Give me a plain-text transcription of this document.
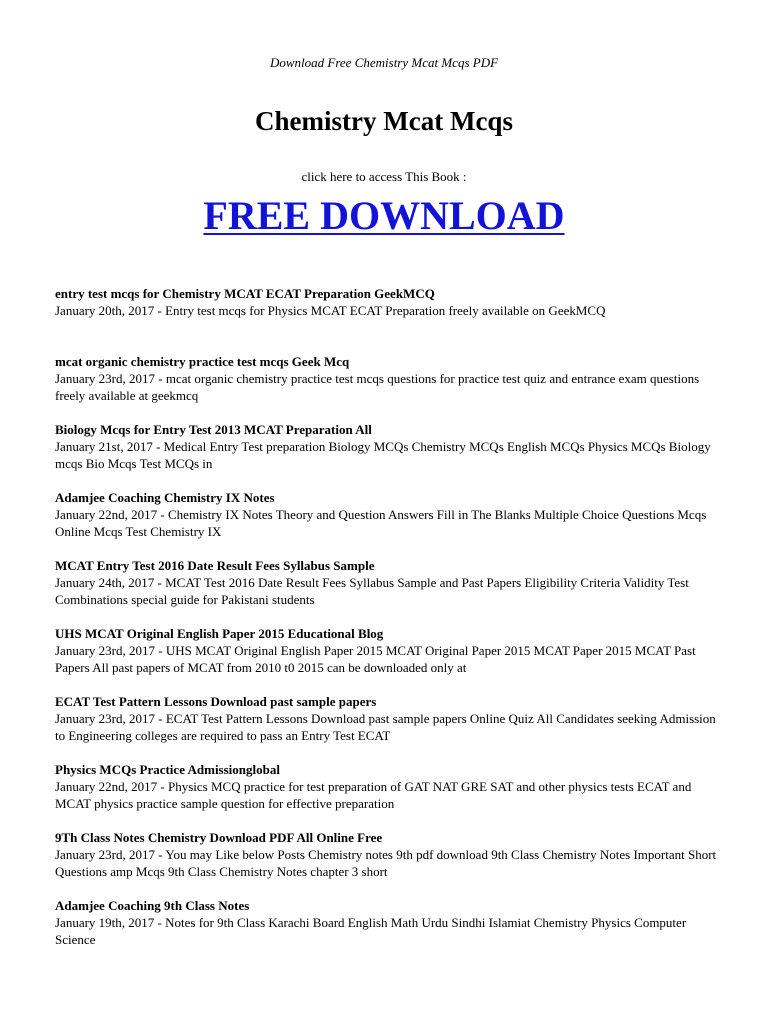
Download Free Chemistry Mcat Mcqs PDF
Chemistry Mcat Mcqs
click here to access This Book :
FREE DOWNLOAD

entry test mcqs for Chemistry MCAT ECAT Preparation GeekMCQ

January 20th, 2017 - Entry test mcqs for Physics MCAT ECAT Preparation freely available on GeekMCQ

mcat organic chemistry practice test mcqs Geek Mcq

January 23rd, 2017 - mcat organic chemistry practice test mcqs questions for practice test quiz and entrance exam questions freely available at geekmcq

Biology Mcqs for Entry Test 2013 MCAT Preparation All

January 21st, 2017 - Medical Entry Test preparation Biology MCQs Chemistry MCQs English MCQs Physics MCQs Biology mcqs Bio Mcqs Test MCQs in

Adamjee Coaching Chemistry IX Notes

January 22nd, 2017 - Chemistry IX Notes Theory and Question Answers Fill in The Blanks Multiple Choice Questions Mcqs Online Mcqs Test Chemistry IX

MCAT Entry Test 2016 Date Result Fees Syllabus Sample

January 24th, 2017 - MCAT Test 2016 Date Result Fees Syllabus Sample and Past Papers Eligibility Criteria Validity Test Combinations special guide for Pakistani students

UHS MCAT Original English Paper 2015 Educational Blog

January 23rd, 2017 - UHS MCAT Original English Paper 2015 MCAT Original Paper 2015 MCAT Paper 2015 MCAT Past Papers All past papers of MCAT from 2010 t0 2015 can be downloaded only at

ECAT Test Pattern Lessons Download past sample papers

January 23rd, 2017 - ECAT Test Pattern Lessons Download past sample papers Online Quiz All Candidates seeking Admission to Engineering colleges are required to pass an Entry Test ECAT

Physics MCQs Practice Admissionglobal

January 22nd, 2017 - Physics MCQ practice for test preparation of GAT NAT GRE SAT and other physics tests ECAT and MCAT physics practice sample question for effective preparation

9Th Class Notes Chemistry Download PDF All Online Free

January 23rd, 2017 - You may Like below Posts Chemistry notes 9th pdf download 9th Class Chemistry Notes Important Short Questions amp Mcqs 9th Class Chemistry Notes chapter 3 short

Adamjee Coaching 9th Class Notes

January 19th, 2017 - Notes for 9th Class Karachi Board English Math Urdu Sindhi Islamiat Chemistry Physics Computer Science
